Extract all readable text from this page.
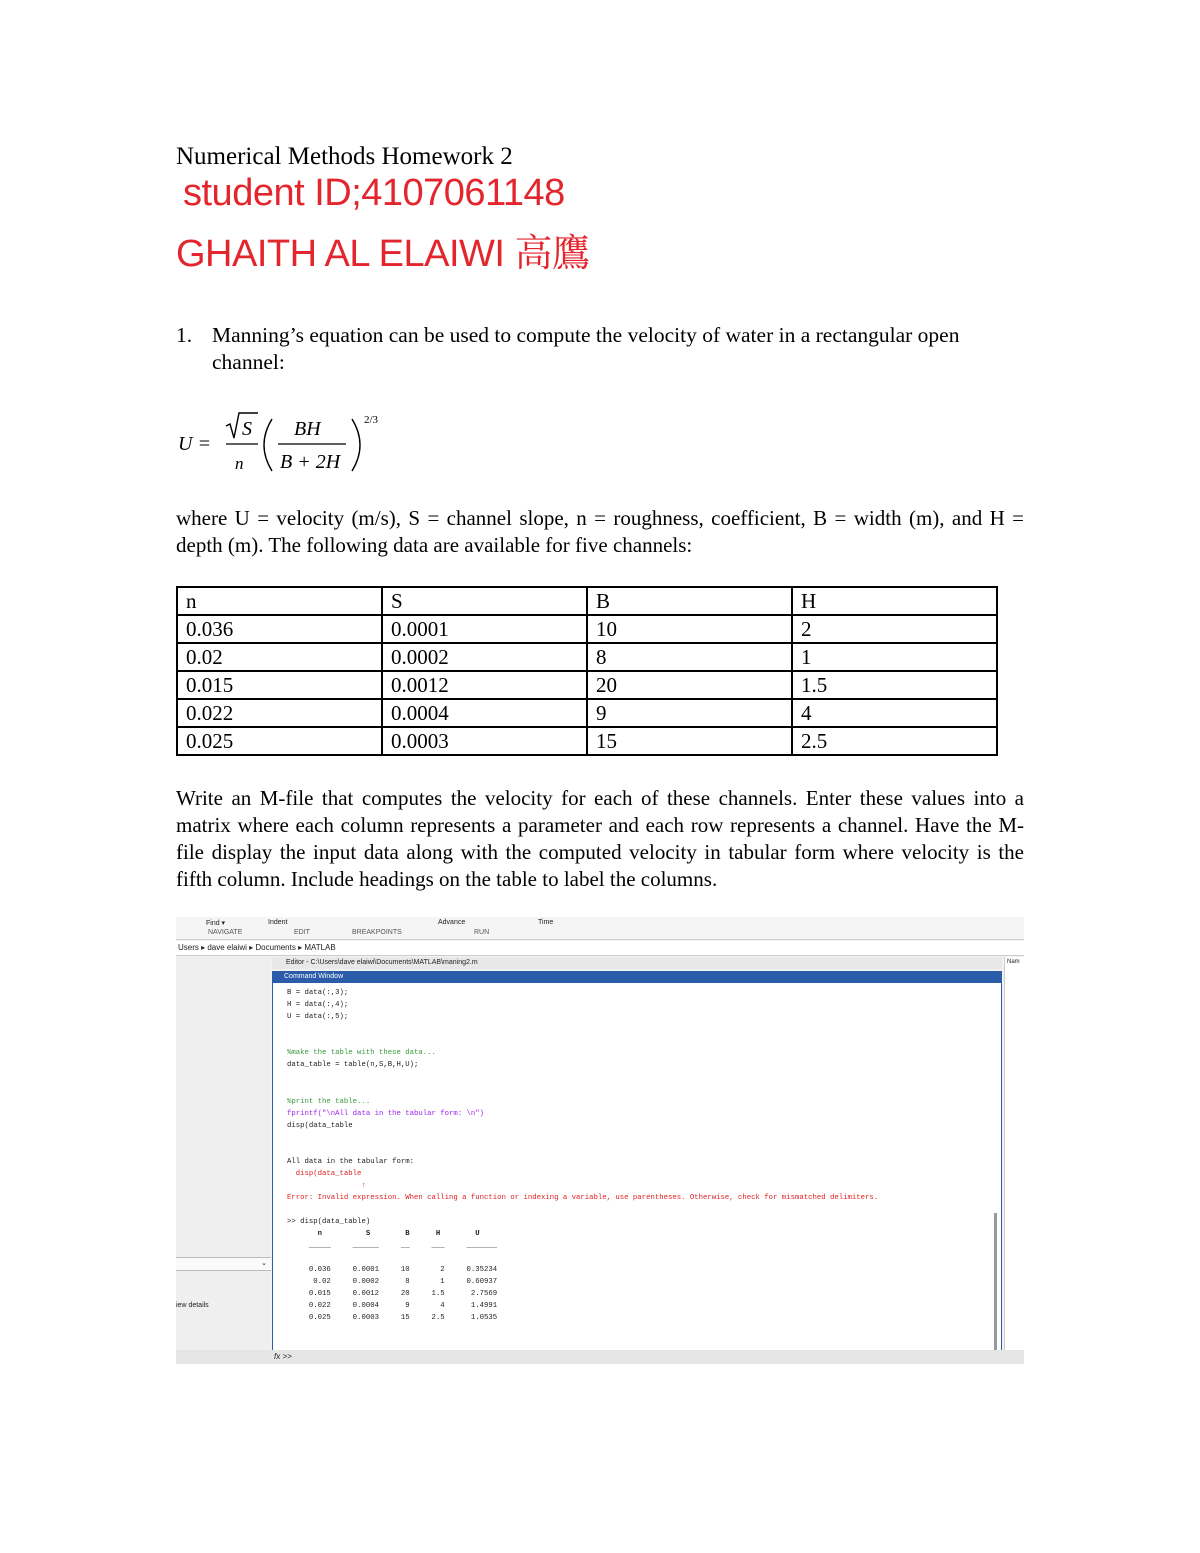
Numerical Methods Homework 2
student ID;4107061148
GHAITH AL ELAIWI 高鷹
1. Manning’s equation can be used to compute the velocity of water in a rectangular open channel:
U =
S
n
BH
B + 2H
2/3
where U = velocity (m/s), S = channel slope, n = roughness, coefficient, B = width (m), and H = depth (m). The following data are available for five channels:
n	S	B	H
0.036	0.0001	10	2
0.02	0.0002	8	1
0.015	0.0012	20	1.5
0.022	0.0004	9	4
0.025	0.0003	15	2.5
Write an M-file that computes the velocity for each of these channels. Enter these values into a matrix where each column represents a parameter and each row represents a channel. Have the M-file display the input data along with the computed velocity in tabular form where velocity is the fifth column. Include headings on the table to label the columns.
Find ▾	Indent	Advance	Time
NAVIGATE	EDIT	BREAKPOINTS	RUN
Users ▸ dave elaiwi ▸ Documents ▸ MATLAB
⌄
iew details
Editor - C:\Users\dave elaiwi\Documents\MATLAB\maning2.m
Command Window
B = data(:,3);
H = data(:,4);
U = data(:,5);
%make the table with these data...
data_table = table(n,S,B,H,U);
%print the table...
fprintf("\nAll data in the tabular form: \n")
disp(data_table
All data in the tabular form:
disp(data_table
↑
Error: Invalid expression. When calling a function or indexing a variable, use parentheses. Otherwise, check for mismatched delimiters.
>> disp(data_table)
n          S        B      H        U
_____     ______     __     ___     _______
0.036     0.0001     10       2     0.35234
0.02     0.0002      8       1     0.60937
0.015     0.0012     20     1.5      2.7569
0.022     0.0004      9       4      1.4991
0.025     0.0003     15     2.5      1.0535
Nam
fx >>
